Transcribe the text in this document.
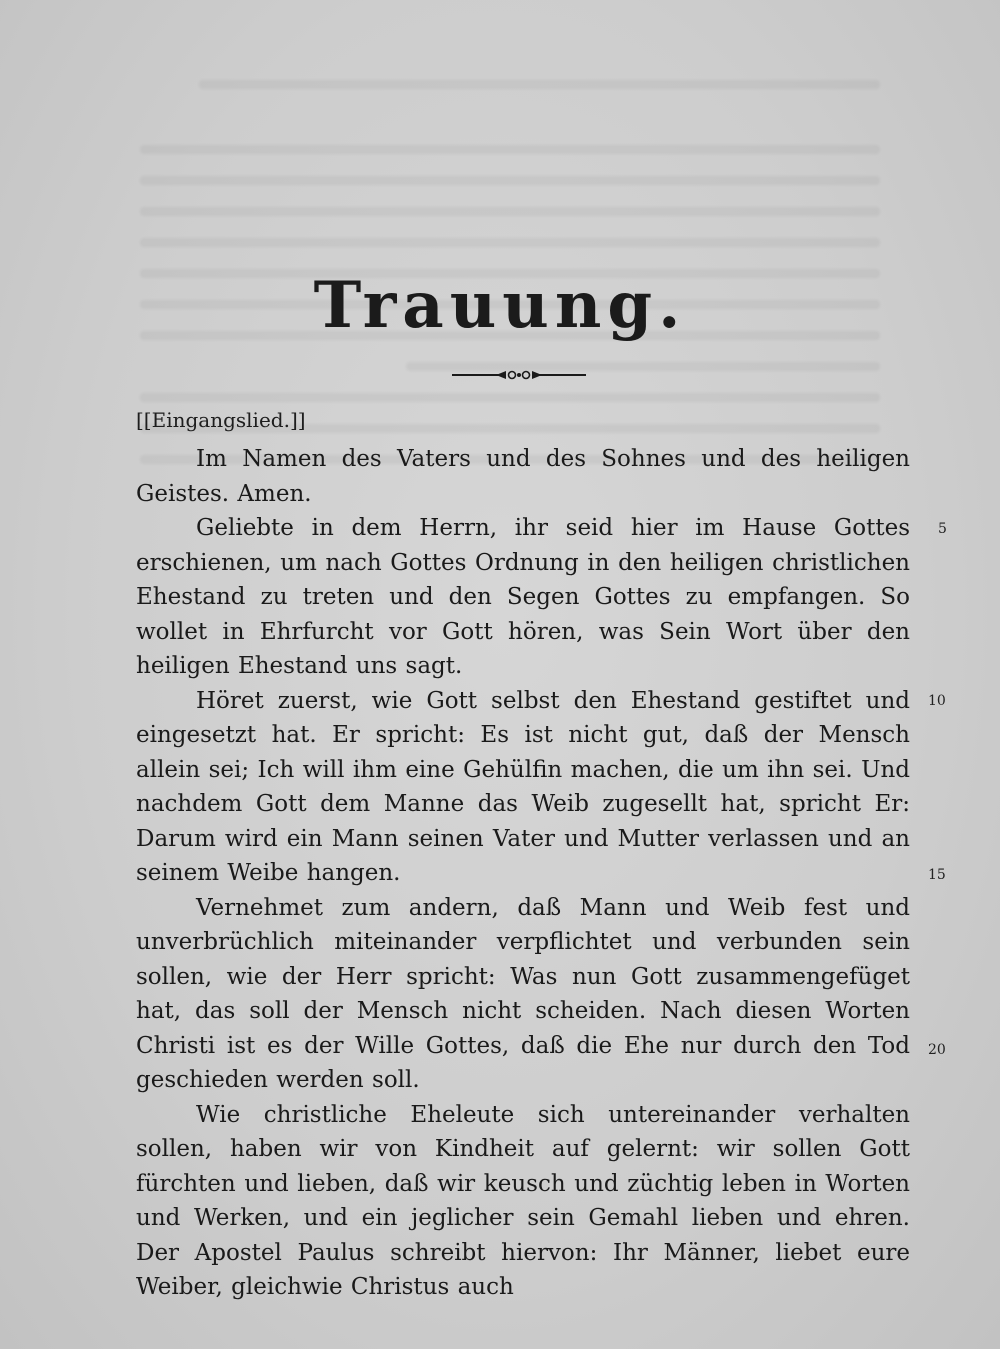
Trauung.

[[Eingangslied.]]

Im Namen des Vaters und des Sohnes und des heiligen Geistes. Amen.

Geliebte in dem Herrn, ihr seid hier im Hause Gottes erschienen, um nach Gottes Ordnung in den heiligen christlichen Ehestand zu treten und den Segen Gottes zu empfangen. So wollet in Ehrfurcht vor Gott hören, was Sein Wort über den heiligen Ehestand uns sagt.

Höret zuerst, wie Gott selbst den Ehestand gestiftet und eingesetzt hat. Er spricht: Es ist nicht gut, daß der Mensch allein sei; Ich will ihm eine Gehülfin machen, die um ihn sei. Und nachdem Gott dem Manne das Weib zugesellt hat, spricht Er: Darum wird ein Mann seinen Vater und Mutter verlassen und an seinem Weibe hangen.

Vernehmet zum andern, daß Mann und Weib fest und unverbrüchlich miteinander verpflichtet und verbunden sein sollen, wie der Herr spricht: Was nun Gott zusammengefüget hat, das soll der Mensch nicht scheiden. Nach diesen Worten Christi ist es der Wille Gottes, daß die Ehe nur durch den Tod geschieden werden soll.

Wie christliche Eheleute sich untereinander verhalten sollen, haben wir von Kindheit auf gelernt: wir sollen Gott fürchten und lieben, daß wir keusch und züchtig leben in Worten und Werken, und ein jeglicher sein Gemahl lieben und ehren. Der Apostel Paulus schreibt hiervon: Ihr Männer, liebet eure Weiber, gleichwie Christus auch

5
10
15
20
